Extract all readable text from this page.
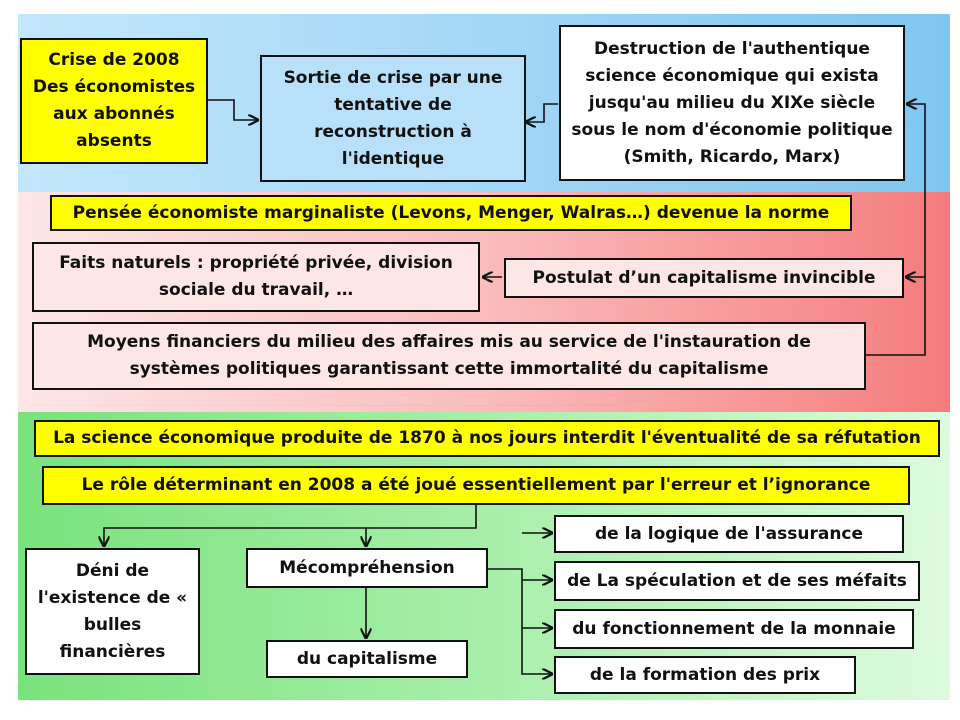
Crise de 2008 Des économistes aux abonnés absents
Sortie de crise par une tentative de reconstruction à l'identique
Destruction de l'authentique science économique qui exista jusqu'au milieu du XIXe siècle sous le nom d'économie politique (Smith, Ricardo, Marx)
Pensée économiste marginaliste (Levons, Menger, Walras…) devenue la norme
Faits naturels : propriété privée, division sociale du travail, …
Postulat d’un capitalisme invincible
Moyens financiers du milieu des affaires mis au service de l'instauration de systèmes politiques garantissant cette immortalité du capitalisme
La science économique produite de 1870 à nos jours interdit l'éventualité de sa réfutation
Le rôle déterminant en 2008 a été joué essentiellement par l'erreur et l’ignorance
Déni de l'existence de « bulles financières
Mécompréhension
du capitalisme
de la logique de l'assurance
de La spéculation et de ses méfaits
du fonctionnement de la monnaie
de la formation des prix
